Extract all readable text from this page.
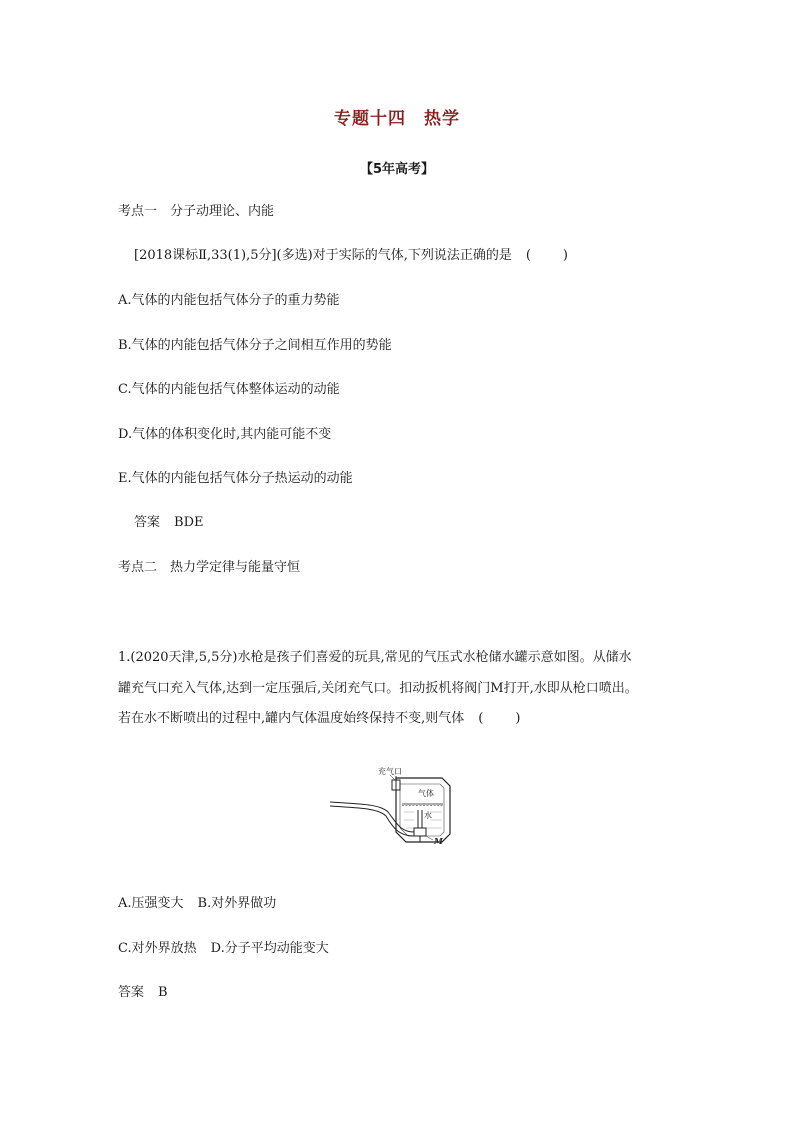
专题十四　热学
【5年高考】
考点一　分子动理论、内能
[2018课标Ⅱ,33(1),5分](多选)对于实际的气体,下列说法正确的是 ( )
A.气体的内能包括气体分子的重力势能
B.气体的内能包括气体分子之间相互作用的势能
C.气体的内能包括气体整体运动的动能
D.气体的体积变化时,其内能可能不变
E.气体的内能包括气体分子热运动的动能
答案 BDE
考点二　热力学定律与能量守恒
1.(2020天津,5,5分)水枪是孩子们喜爱的玩具,常见的气压式水枪储水罐示意如图。从储水
罐充气口充入气体,达到一定压强后,关闭充气口。扣动扳机将阀门M打开,水即从枪口喷出。
若在水不断喷出的过程中,罐内气体温度始终保持不变,则气体 ( )
充气口
气体
水
M
A.压强变大 B.对外界做功
C.对外界放热 D.分子平均动能变大
答案 B
